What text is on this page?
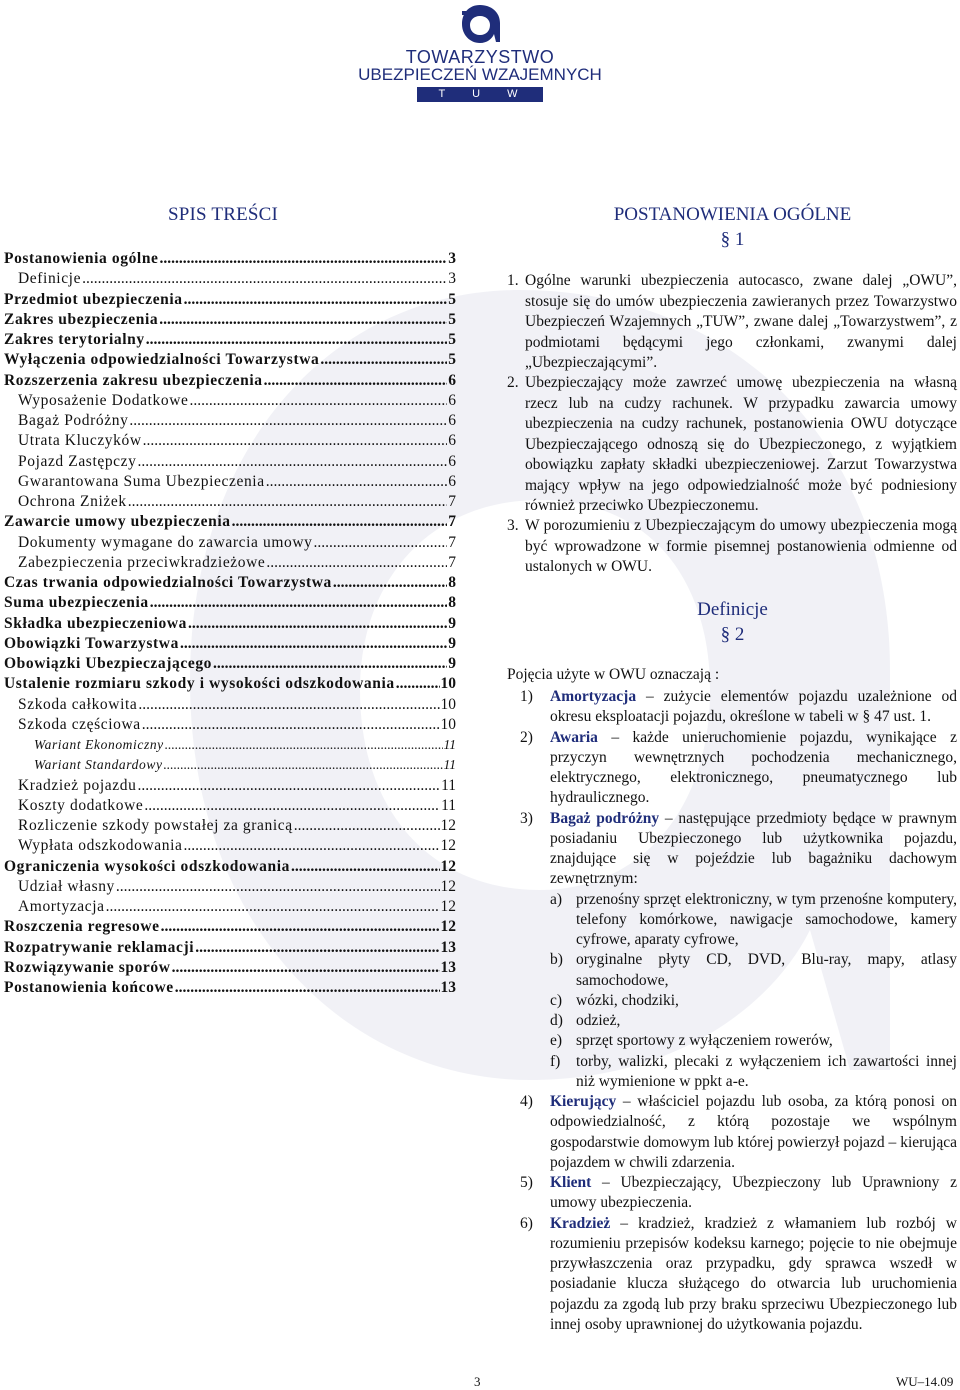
TOWARZYSTWO
UBEZPIECZEŃ WZAJEMNYCH
T U W
SPIS TREŚCI
Postanowienia ogólne .....	3
Definicje .....	3
Przedmiot ubezpieczenia .....	5
Zakres ubezpieczenia .....	5
Zakres terytorialny .....	5
Wyłączenia odpowiedzialności Towarzystwa .....	5
Rozszerzenia zakresu ubezpieczenia .....	6
Wyposażenie Dodatkowe .....	6
Bagaż Podróżny .....	6
Utrata Kluczyków .....	6
Pojazd Zastępczy .....	6
Gwarantowana Suma Ubezpieczenia .....	6
Ochrona Zniżek .....	7
Zawarcie umowy ubezpieczenia .....	7
Dokumenty wymagane do zawarcia umowy .....	7
Zabezpieczenia przeciwkradzieżowe .....	7
Czas trwania odpowiedzialności Towarzystwa .....	8
Suma ubezpieczenia .....	8
Składka ubezpieczeniowa .....	9
Obowiązki Towarzystwa .....	9
Obowiązki Ubezpieczającego .....	9
Ustalenie rozmiaru szkody i wysokości odszkodowania .....	10
Szkoda całkowita .....	10
Szkoda częściowa .....	10
Wariant Ekonomiczny .....	11
Wariant Standardowy .....	11
Kradzież pojazdu .....	11
Koszty dodatkowe .....	11
Rozliczenie szkody powstałej za granicą .....	12
Wypłata odszkodowania .....	12
Ograniczenia wysokości odszkodowania .....	12
Udział własny .....	12
Amortyzacja .....	12
Roszczenia regresowe .....	12
Rozpatrywanie reklamacji .....	13
Rozwiązywanie sporów .....	13
Postanowienia końcowe .....	13
POSTANOWIENIA OGÓLNE
§ 1
1. Ogólne warunki ubezpieczenia autocasco, zwane dalej „OWU”, stosuje się do umów ubezpieczenia zawieranych przez Towarzystwo Ubezpieczeń Wzajemnych „TUW”, zwane dalej „Towarzystwem”, z podmiotami będącymi jego członkami, zwanymi dalej „Ubezpieczającymi”.
2. Ubezpieczający może zawrzeć umowę ubezpieczenia na własną rzecz lub na cudzy rachunek. W przypadku zawarcia umowy ubezpieczenia na cudzy rachunek, postanowienia OWU dotyczące Ubezpieczającego odnoszą się do Ubezpieczonego, z wyjątkiem obowiązku zapłaty składki ubezpieczeniowej. Zarzut Towarzystwa mający wpływ na jego odpowiedzialność może być podniesiony również przeciwko Ubezpieczonemu.
3. W porozumieniu z Ubezpieczającym do umowy ubezpieczenia mogą być wprowadzone w formie pisemnej postanowienia odmienne od ustalonych w OWU.
Definicje
§ 2
Pojęcia użyte w OWU oznaczają :
1) Amortyzacja – zużycie elementów pojazdu uzależnione od okresu eksploatacji pojazdu, określone w tabeli w § 47 ust. 1.
2) Awaria – każde unieruchomienie pojazdu, wynikające z przyczyn wewnętrznych pochodzenia mechanicznego, elektrycznego, elektronicznego, pneumatycznego lub hydraulicznego.
3) Bagaż podróżny – następujące przedmioty będące w prawnym posiadaniu Ubezpieczonego lub użytkownika pojazdu, znajdujące się w pojeździe lub bagażniku dachowym zewnętrznym:
a) przenośny sprzęt elektroniczny, w tym przenośne komputery, telefony komórkowe, nawigacje samochodowe, kamery cyfrowe, aparaty cyfrowe,
b) oryginalne płyty CD, DVD, Blu-ray, mapy, atlasy samochodowe,
c) wózki, chodziki,
d) odzież,
e) sprzęt sportowy z wyłączeniem rowerów,
f) torby, walizki, plecaki z wyłączeniem ich zawartości innej niż wymienione w ppkt a-e.
4) Kierujący – właściciel pojazdu lub osoba, za którą ponosi on odpowiedzialność, z którą pozostaje we wspólnym gospodarstwie domowym lub której powierzył pojazd – kierująca pojazdem w chwili zdarzenia.
5) Klient – Ubezpieczający, Ubezpieczony lub Uprawniony z umowy ubezpieczenia.
6) Kradzież – kradzież, kradzież z włamaniem lub rozbój w rozumieniu przepisów kodeksu karnego; pojęcie to nie obejmuje przywłaszczenia oraz przypadku, gdy sprawca wszedł w posiadanie klucza służącego do otwarcia lub uruchomienia pojazdu za zgodą lub przy braku sprzeciwu Ubezpieczonego lub innej osoby uprawnionej do użytkowania pojazdu.
3	WU–14.09
